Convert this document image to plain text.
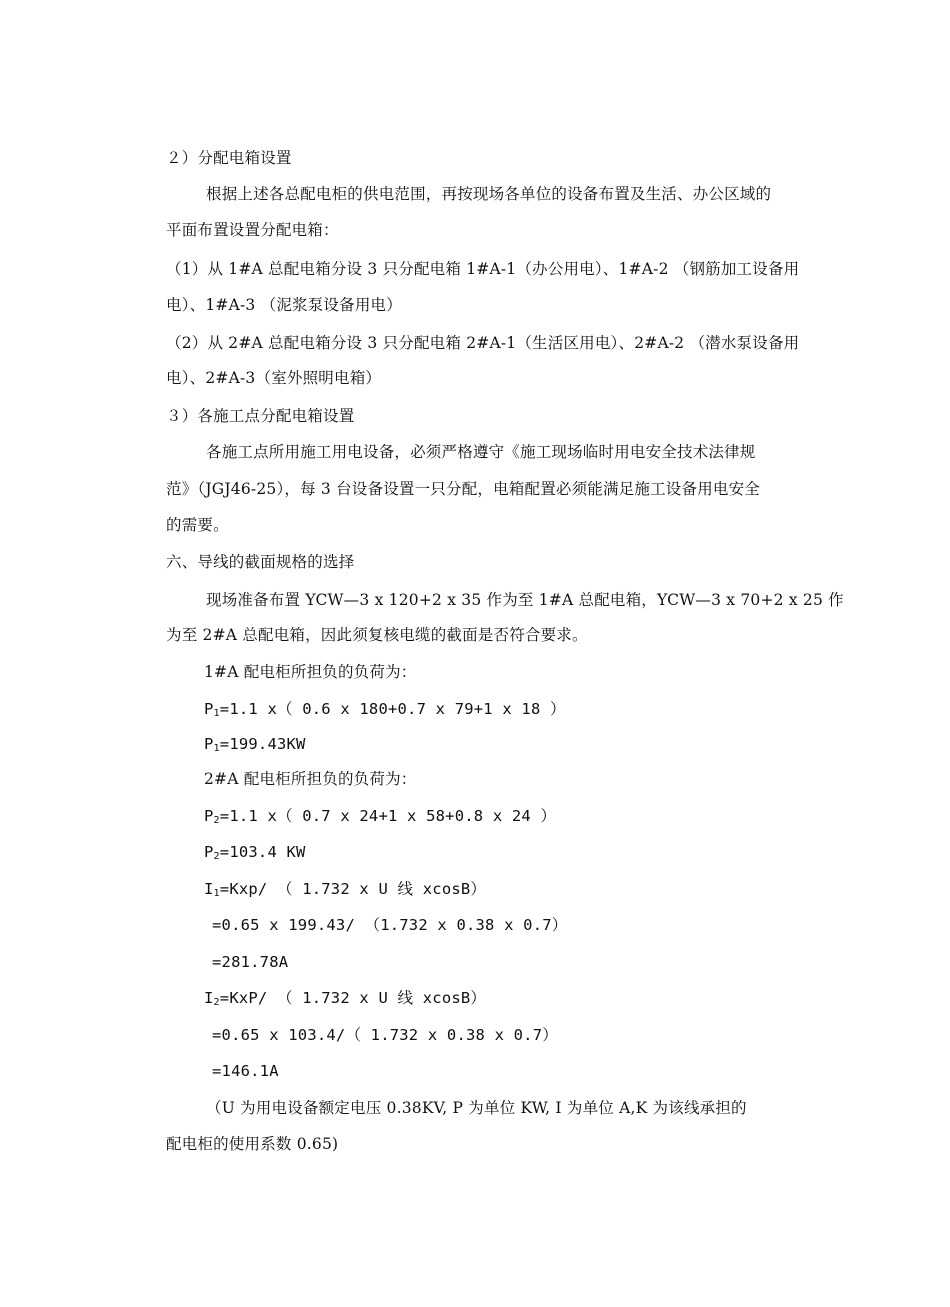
２）分配电箱设置
根据上述各总配电柜的供电范围，再按现场各单位的设备布置及生活、办公区域的
平面布置设置分配电箱：
（1）从 1#A 总配电箱分设 3 只分配电箱 1#A-1（办公用电）、1#A-2 （钢筋加工设备用
电）、1#A-3 （泥浆泵设备用电）
（2）从 2#A 总配电箱分设 3 只分配电箱 2#A-1（生活区用电）、2#A-2 （潜水泵设备用
电）、2#A-3（室外照明电箱）
３）各施工点分配电箱设置
各施工点所用施工用电设备，必须严格遵守《施工现场临时用电安全技术法律规
范》（JGJ46-25），每 3 台设备设置一只分配，电箱配置必须能满足施工设备用电安全
的需要。
六、导线的截面规格的选择
现场准备布置 YCW—3 x 120+2 x 35 作为至 1#A 总配电箱，YCW—3 x 70+2 x 25 作
为至 2#A 总配电箱，因此须复核电缆的截面是否符合要求。
1#A 配电柜所担负的负荷为：
$P_1=1.1$ x（ 0.6 x 180+0.7 x 79+1 x 18 ）
$P_1=199.43KW$
2#A 配电柜所担负的负荷为：
$P_2=1.1$ x（ 0.7 x 24+1 x 58+0.8 x 24 ）
$P_2=103.4$ KW
$I_1=Kxp/$ （ 1.732 x U 线 xcosB）
=0.65 x 199.43/ （1.732 x 0.38 x 0.7）
=281.78A
$I_2=KxP/$ （ 1.732 x U 线 xcosB）
=0.65 x 103.4/（ 1.732 x 0.38 x 0.7）
=146.1A
（U 为用电设备额定电压 0.38KV, P 为单位 KW, I 为单位 A,K 为该线承担的
配电柜的使用系数 0.65)
